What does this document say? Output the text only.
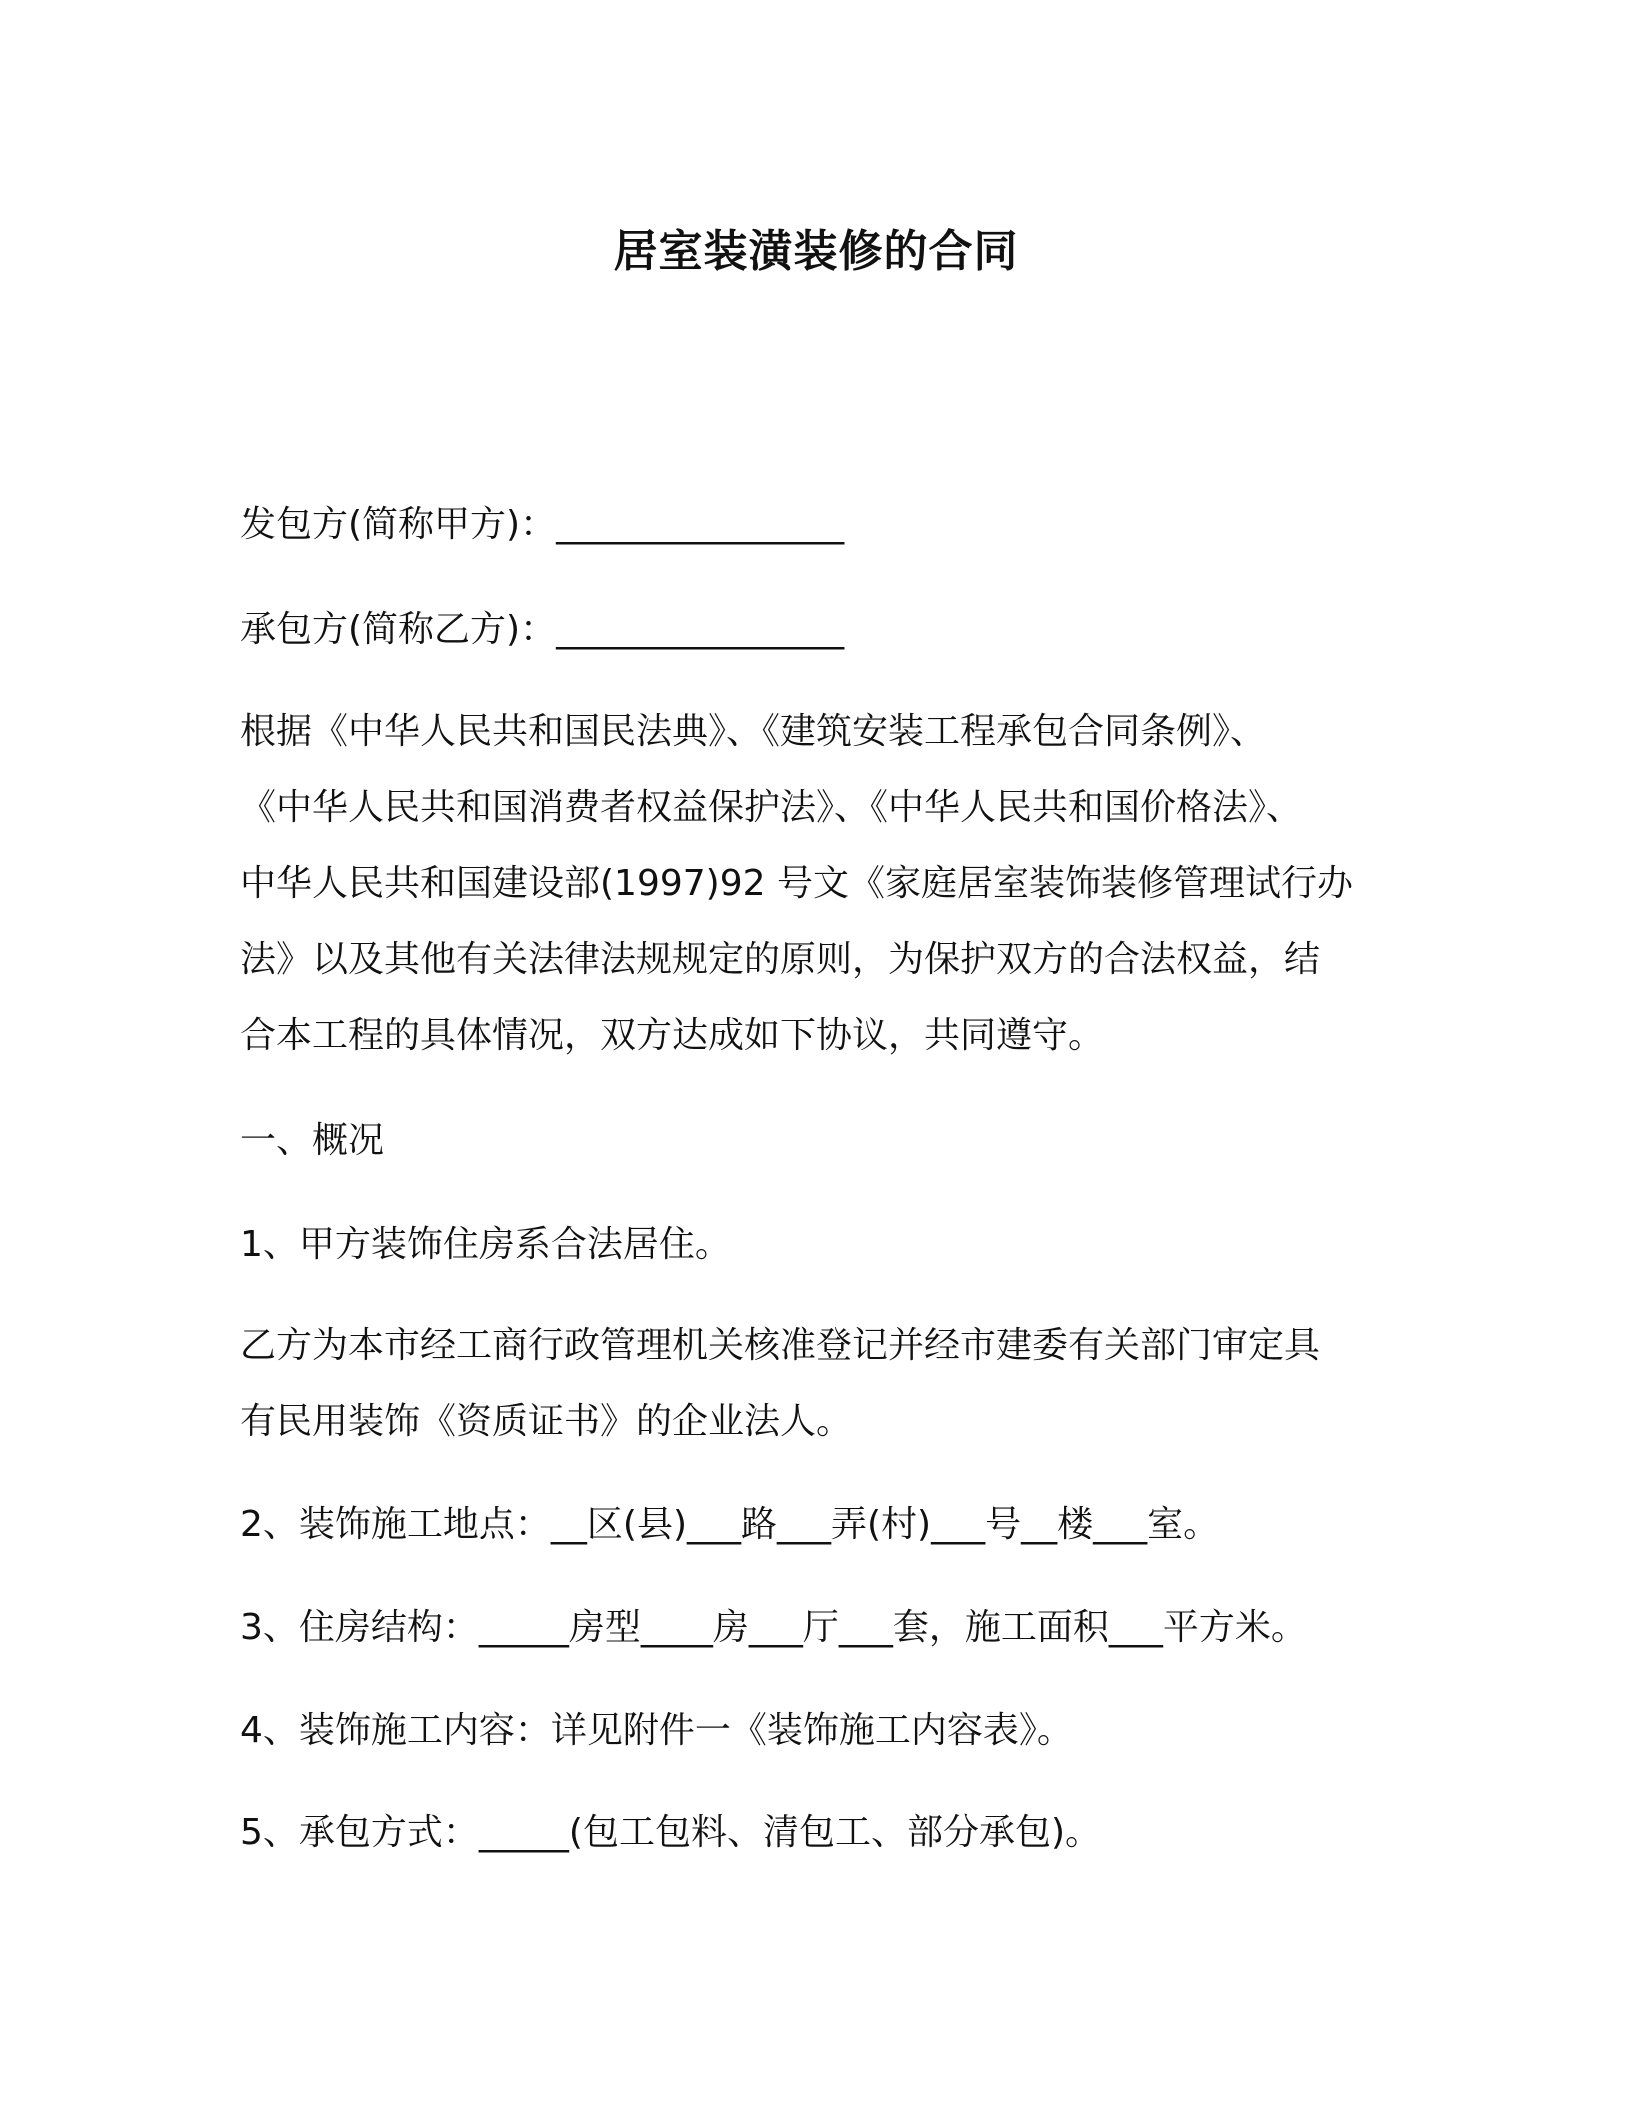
居室装潢装修的合同
发包方(简称甲方)：________________
承包方(简称乙方)：________________
根据《中华人民共和国民法典》、《建筑安装工程承包合同条例》、
《中华人民共和国消费者权益保护法》、《中华人民共和国价格法》、
中华人民共和国建设部(1997)92 号文《家庭居室装饰装修管理试行办
法》以及其他有关法律法规规定的原则，为保护双方的合法权益，结
合本工程的具体情况，双方达成如下协议，共同遵守。
一、概况
1、甲方装饰住房系合法居住。
乙方为本市经工商行政管理机关核准登记并经市建委有关部门审定具
有民用装饰《资质证书》的企业法人。
2、装饰施工地点：__区(县)___路___弄(村)___号__楼___室。
3、住房结构：_____房型____房___厅___套，施工面积___平方米。
4、装饰施工内容：详见附件一《装饰施工内容表》。
5、承包方式：_____(包工包料、清包工、部分承包)。
